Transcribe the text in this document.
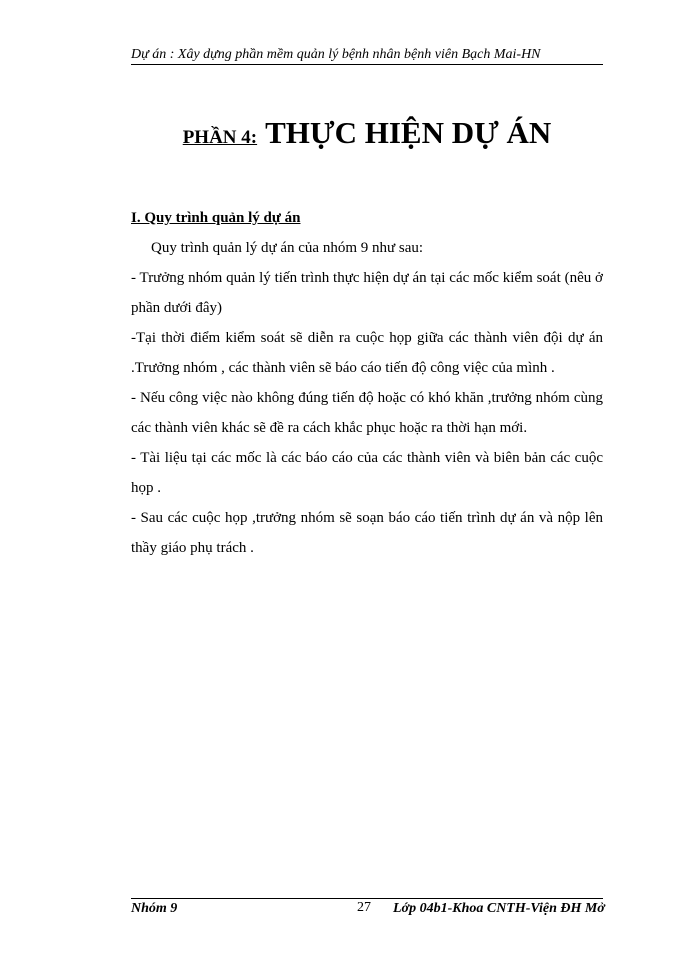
Dự án : Xây dựng phần mềm quản lý bệnh nhân bệnh viên Bạch Mai-HN
PHẦN 4: THỰC HIỆN DỰ ÁN

I. Quy trình quản lý dự án

Quy trình quản lý dự án của nhóm 9 như sau:

- Trưởng nhóm quản lý tiến trình thực hiện dự án tại các mốc kiểm soát (nêu ở phần dưới đây)

-Tại thời điểm kiểm soát sẽ diễn ra cuộc họp giữa các thành viên đội dự án .Trưởng nhóm , các thành viên sẽ báo cáo tiến độ công việc của mình .

- Nếu công việc nào không đúng tiến độ hoặc có khó khăn ,trưởng nhóm cùng các thành viên khác sẽ đề ra cách khắc phục hoặc ra thời hạn mới.

- Tài liệu tại các mốc là các báo cáo của các thành viên và biên bản các cuộc họp .

- Sau các cuộc họp ,trưởng nhóm sẽ soạn báo cáo tiến trình dự án và nộp lên thầy giáo phụ trách .

Nhóm 9	27 Lớp 04b1-Khoa CNTH-Viện ĐH Mở
